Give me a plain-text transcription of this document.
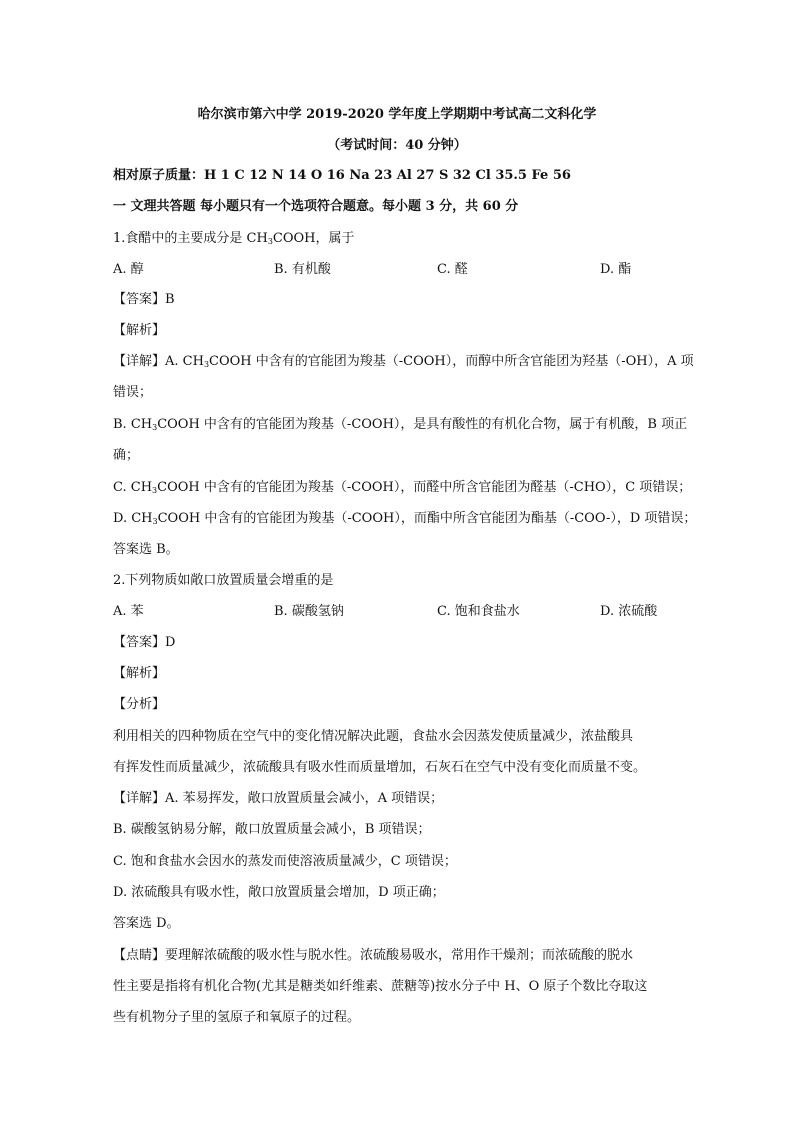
哈尔滨市第六中学 2019-2020 学年度上学期期中考试高二文科化学
（考试时间：40 分钟）
相对原子质量：H 1 C 12 N 14 O 16 Na 23 Al 27 S 32 Cl 35.5 Fe 56
一 文理共答题 每小题只有一个选项符合题意。每小题 3 分，共 60 分
1.食醋中的主要成分是 $CH_3COOH$，属于
A. 醇	B. 有机酸	C. 醛	D. 酯
【答案】B
【解析】
【详解】A. $CH_3COOH$ 中含有的官能团为羧基（-COOH），而醇中所含官能团为羟基（-OH），A 项
错误；
B. $CH_3COOH$ 中含有的官能团为羧基（-COOH），是具有酸性的有机化合物，属于有机酸，B 项正
确；
C. $CH_3COOH$ 中含有的官能团为羧基（-COOH），而醛中所含官能团为醛基（-CHO），C 项错误；
D. $CH_3COOH$ 中含有的官能团为羧基（-COOH），而酯中所含官能团为酯基（-COO-），D 项错误；
答案选 B。
2.下列物质如敞口放置质量会增重的是
A. 苯	B. 碳酸氢钠	C. 饱和食盐水	D. 浓硫酸
【答案】D
【解析】
【分析】
利用相关的四种物质在空气中的变化情况解决此题，食盐水会因蒸发使质量减少，浓盐酸具
有挥发性而质量减少，浓硫酸具有吸水性而质量增加，石灰石在空气中没有变化而质量不变。
【详解】A. 苯易挥发，敞口放置质量会减小，A 项错误；
B. 碳酸氢钠易分解，敞口放置质量会减小，B 项错误；
C. 饱和食盐水会因水的蒸发而使溶液质量减少，C 项错误；
D. 浓硫酸具有吸水性，敞口放置质量会增加，D 项正确；
答案选 D。
【点睛】要理解浓硫酸的吸水性与脱水性。浓硫酸易吸水，常用作干燥剂；而浓硫酸的脱水
性主要是指将有机化合物(尤其是糖类如纤维素、蔗糖等)按水分子中 H、O 原子个数比夺取这
些有机物分子里的氢原子和氧原子的过程。
